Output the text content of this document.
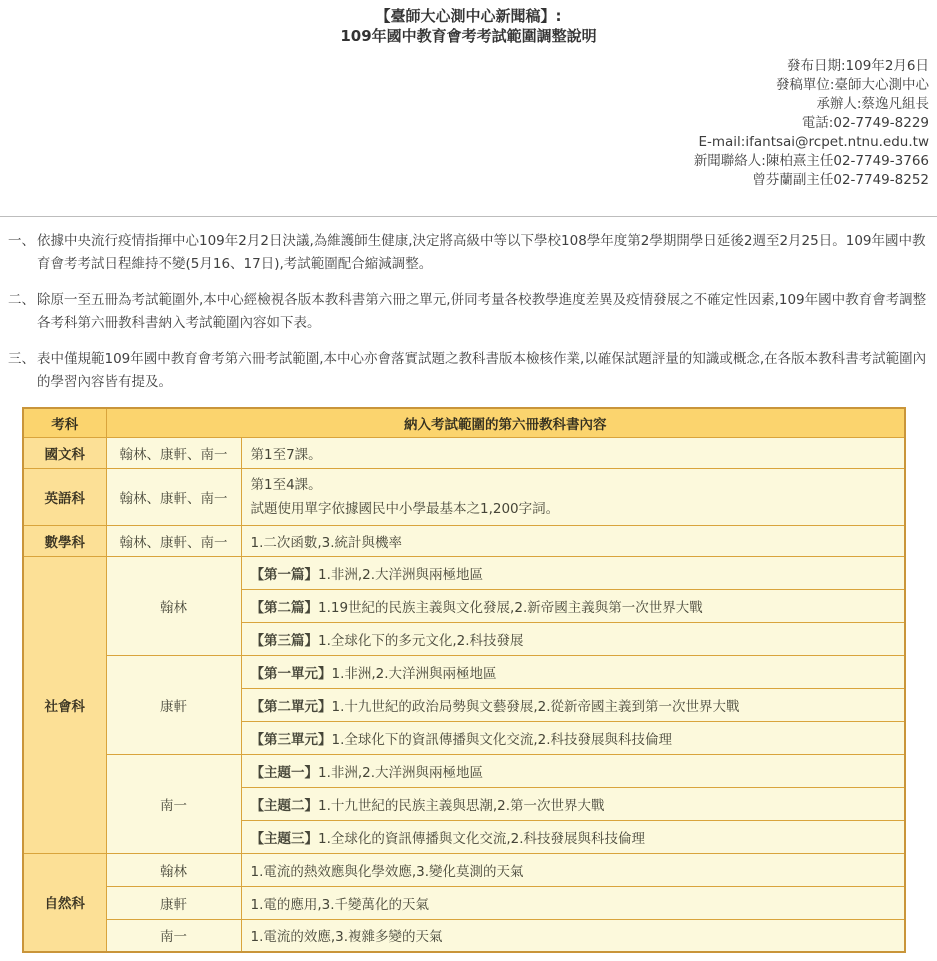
【臺師大心測中心新聞稿】:
109年國中教育會考考試範圍調整說明
發布日期:109年2月6日
發稿單位:臺師大心測中心
承辦人:蔡逸凡組長
電話:02-7749-8229
E-mail:ifantsai@rcpet.ntnu.edu.tw
新聞聯絡人:陳柏熹主任02-7749-3766
曾芬蘭副主任02-7749-8252
一、 依據中央流行疫情指揮中心109年2月2日決議,為維護師生健康,決定將高級中等以下學校108學年度第2學期開學日延後2週至2月25日。109年國中教育會考考試日程維持不變(5月16、17日),考試範圍配合縮減調整。
二、 除原一至五冊為考試範圍外,本中心經檢視各版本教科書第六冊之單元,併同考量各校教學進度差異及疫情發展之不確定性因素,109年國中教育會考調整各考科第六冊教科書納入考試範圍內容如下表。
三、 表中僅規範109年國中教育會考第六冊考試範圍,本中心亦會落實試題之教科書版本檢核作業,以確保試題評量的知識或概念,在各版本教科書考試範圍內的學習內容皆有提及。
考科	納入考試範圍的第六冊教科書內容	
國文科	翰林、康軒、南一	第1至7課。
英語科	翰林、康軒、南一	第1至4課。
試題使用單字依據國民中小學最基本之1,200字詞。

數學科	翰林、康軒、南一	1.二次函數,3.統計與機率
社會科	翰林	【第一篇】1.非洲,2.大洋洲與兩極地區
		【第二篇】1.19世紀的民族主義與文化發展,2.新帝國主義與第一次世界大戰
		【第三篇】1.全球化下的多元文化,2.科技發展
	康軒	【第一單元】1.非洲,2.大洋洲與兩極地區
		【第二單元】1.十九世紀的政治局勢與文藝發展,2.從新帝國主義到第一次世界大戰
		【第三單元】1.全球化下的資訊傳播與文化交流,2.科技發展與科技倫理
	南一	【主題一】1.非洲,2.大洋洲與兩極地區
		【主題二】1.十九世紀的民族主義與思潮,2.第一次世界大戰
		【主題三】1.全球化的資訊傳播與文化交流,2.科技發展與科技倫理
自然科	翰林	1.電流的熱效應與化學效應,3.變化莫測的天氣
	康軒	1.電的應用,3.千變萬化的天氣
	南一	1.電流的效應,3.複雜多變的天氣
